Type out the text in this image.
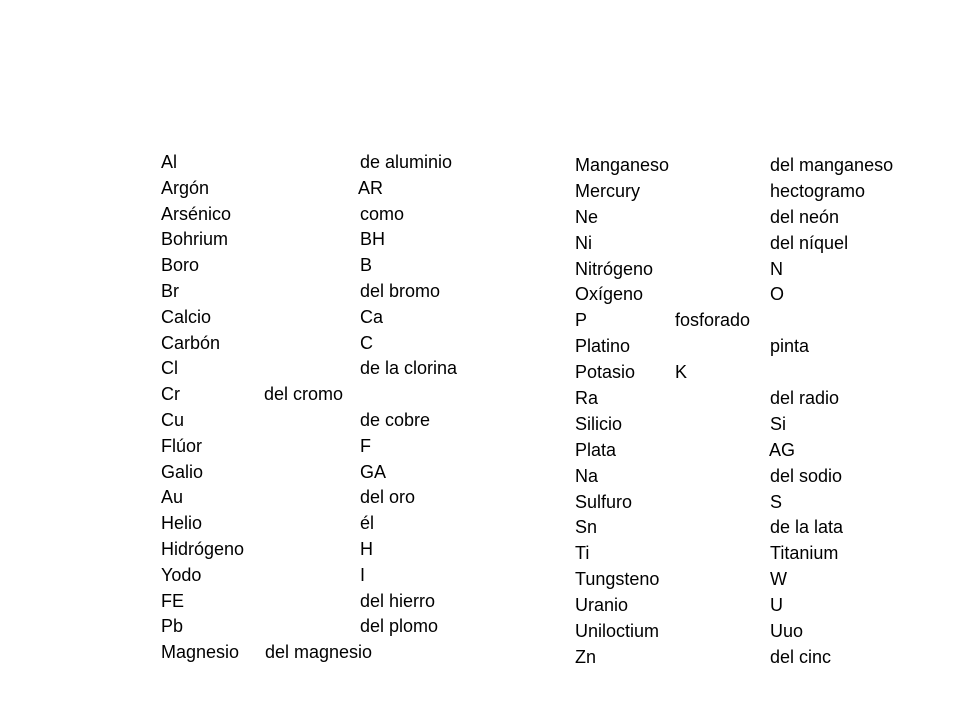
Al	de aluminio
Argón	AR
Arsénico	como
Bohrium	BH
Boro	B
Br	del bromo
Calcio	Ca
Carbón	C
Cl	de la clorina
Cr	del cromo
Cu	de cobre
Flúor	F
Galio	GA
Au	del oro
Helio	él
Hidrógeno	H
Yodo	I
FE	del hierro
Pb	del plomo
Magnesio del magnesio
Manganeso	del manganeso
Mercury	hectogramo
Ne	del neón
Ni	del níquel
Nitrógeno	N
Oxígeno	O
P	fosforado
Platino	pinta
Potasio K
Ra	del radio
Silicio	Si
Plata	AG
Na	del sodio
Sulfuro	S
Sn	de la lata
Ti	Titanium
Tungsteno	W
Uranio	U
Uniloctium	Uuo
Zn	del cinc
